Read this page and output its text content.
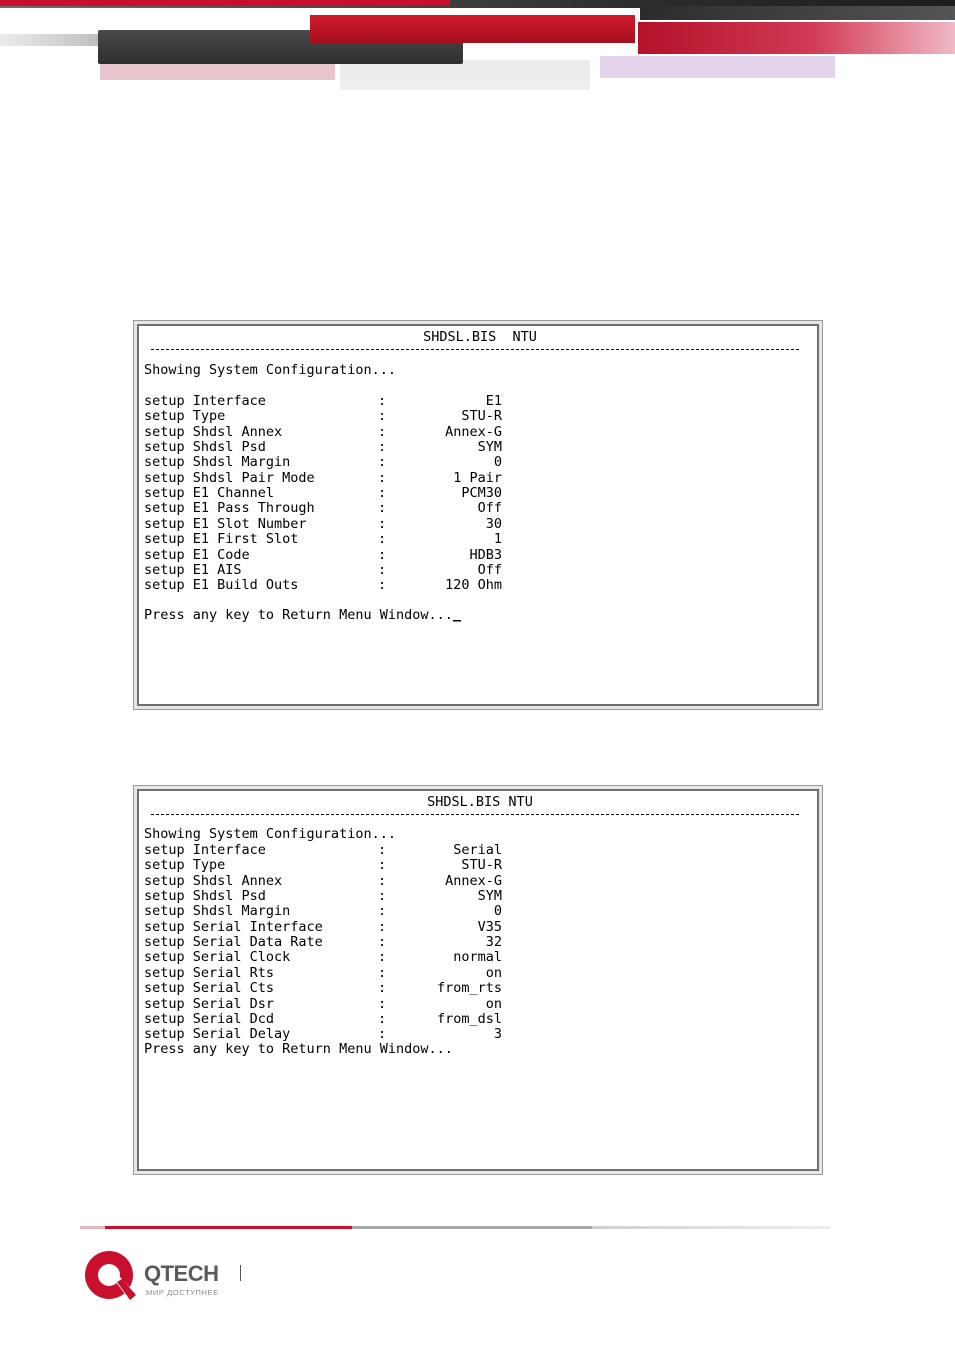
SHDSL.BIS  NTU
Showing System Configuration...
setup Interface	:	E1
setup Type	:	STU-R
setup Shdsl Annex	:	Annex-G
setup Shdsl Psd	:	SYM
setup Shdsl Margin	:	0
setup Shdsl Pair Mode	:	1 Pair
setup E1 Channel	:	PCM30
setup E1 Pass Through	:	Off
setup E1 Slot Number	:	30
setup E1 First Slot	:	1
setup E1 Code	:	HDB3
setup E1 AIS	:	Off
setup E1 Build Outs	:	120 Ohm
Press any key to Return Menu Window..._
SHDSL.BIS NTU
Showing System Configuration...
setup Interface	:	Serial
setup Type	:	STU-R
setup Shdsl Annex	:	Annex-G
setup Shdsl Psd	:	SYM
setup Shdsl Margin	:	0
setup Serial Interface	:	V35
setup Serial Data Rate	:	32
setup Serial Clock	:	normal
setup Serial Rts	:	on
setup Serial Cts	:	from_rts
setup Serial Dsr	:	on
setup Serial Dcd	:	from_dsl
setup Serial Delay	:	3
Press any key to Return Menu Window...
QTECH
МИР ДОСТУПНЕЕ
